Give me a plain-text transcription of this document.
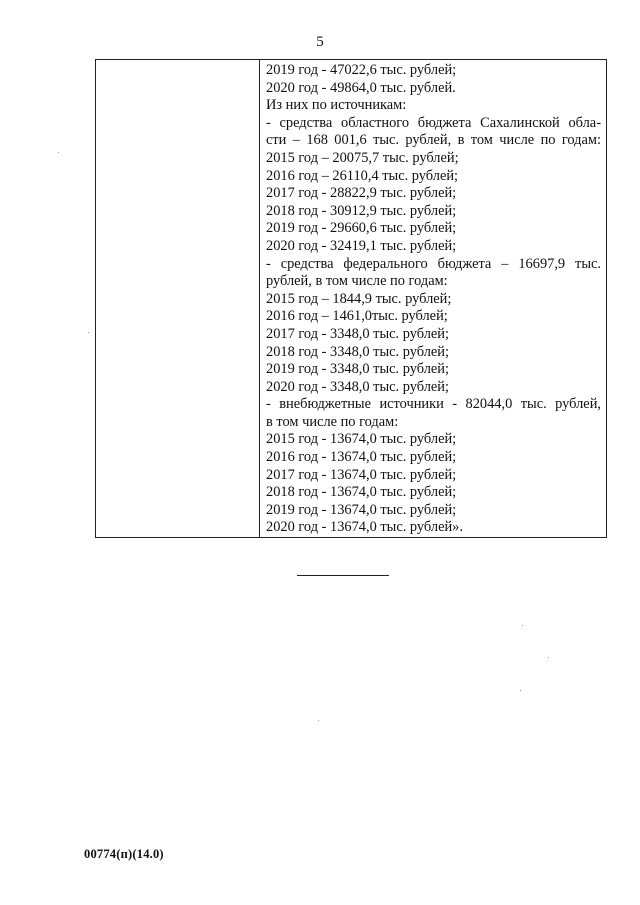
5
2019 год - 47022,6 тыс. рублей;
2020 год - 49864,0 тыс. рублей.
Из них по источникам:
- средства областного бюджета Сахалинской обла-
сти – 168 001,6 тыс. рублей, в том числе по годам:
2015 год – 20075,7 тыс. рублей;
2016 год – 26110,4 тыс. рублей;
2017 год - 28822,9 тыс. рублей;
2018 год - 30912,9 тыс. рублей;
2019 год - 29660,6 тыс. рублей;
2020 год - 32419,1 тыс. рублей;
- средства федерального бюджета – 16697,9 тыс.
рублей, в том числе по годам:
2015 год – 1844,9 тыс. рублей;
2016 год – 1461,0тыс. рублей;
2017 год - 3348,0 тыс. рублей;
2018 год - 3348,0 тыс. рублей;
2019 год - 3348,0 тыс. рублей;
2020 год - 3348,0 тыс. рублей;
- внебюджетные источники - 82044,0 тыс. рублей,
в том числе по годам:
2015 год - 13674,0 тыс. рублей;
2016 год - 13674,0 тыс. рублей;
2017 год - 13674,0 тыс. рублей;
2018 год - 13674,0 тыс. рублей;
2019 год - 13674,0 тыс. рублей;
2020 год - 13674,0 тыс. рублей».
00774(п)(14.0)
